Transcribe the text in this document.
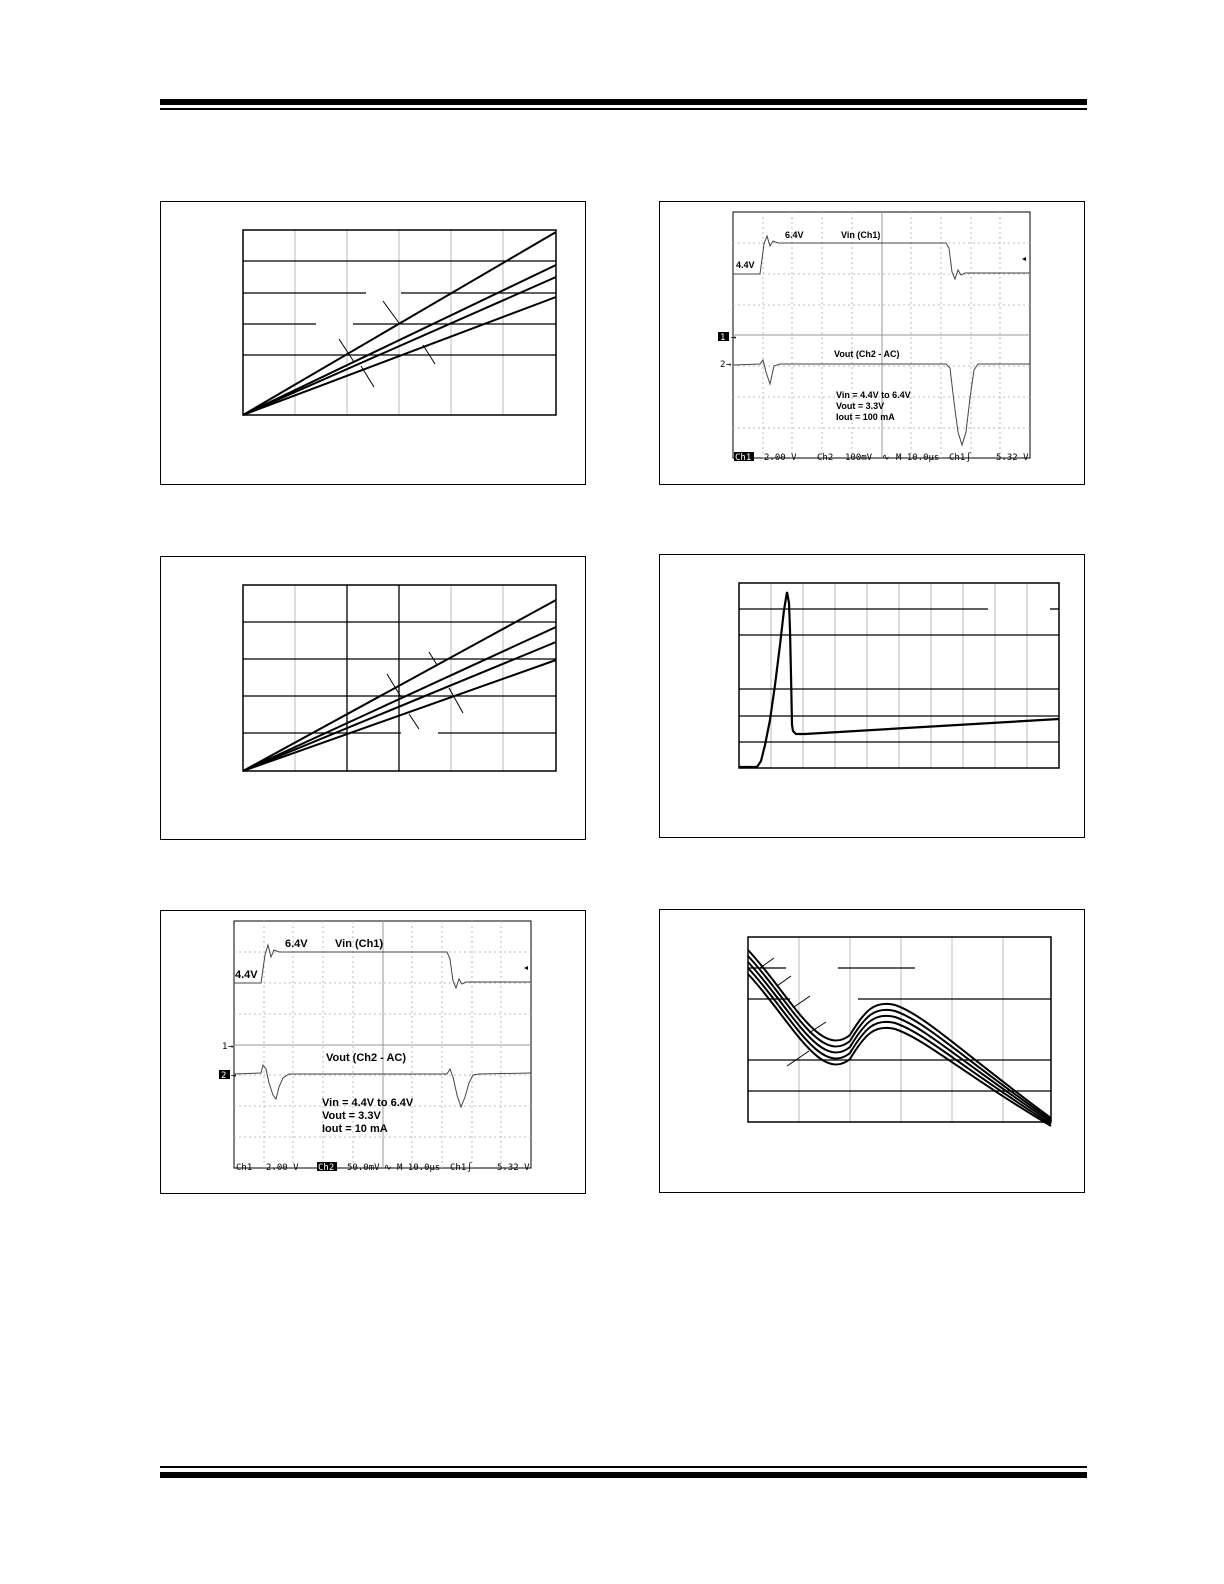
6.4V	Vin (Ch1)
4.4V
Vout (Ch2 - AC)
Vin = 4.4V to 6.4V
Vout = 3.3V
Iout = 100 mA
1 →
2 →
Ch1 2.00 V Ch2 100mV ∿ M 10.0µs Ch1 ∫	5.32 V
6.4V Vin (Ch1)
4.4V
Vout (Ch2 - AC)
Vin = 4.4V to 6.4V
Vout = 3.3V
Iout = 10 mA
1 →
2 →
Ch1 2.00 V Ch2 50.0mV ∿ M 10.0µs Ch1 ∫	5.32 V
